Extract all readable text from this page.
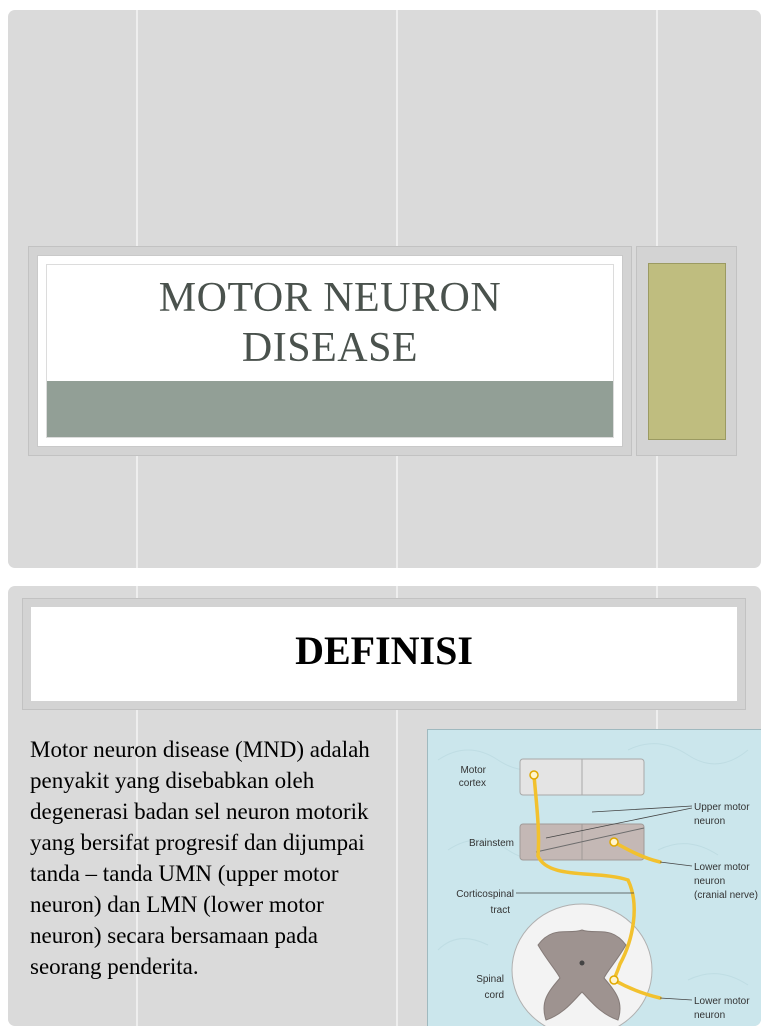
MOTOR NEURON
DISEASE
DEFINISI
Motor neuron disease (MND) adalah
penyakit yang disebabkan oleh
degenerasi badan sel neuron motorik
yang bersifat progresif dan dijumpai
tanda – tanda UMN (upper motor
neuron) dan LMN (lower motor
neuron) secara bersamaan pada
seorang penderita.
Motor
cortex
Brainstem
Corticospinal
tract
Spinal
cord
Upper motor
neuron
Lower motor
neuron
(cranial nerve)
Lower motor
neuron
